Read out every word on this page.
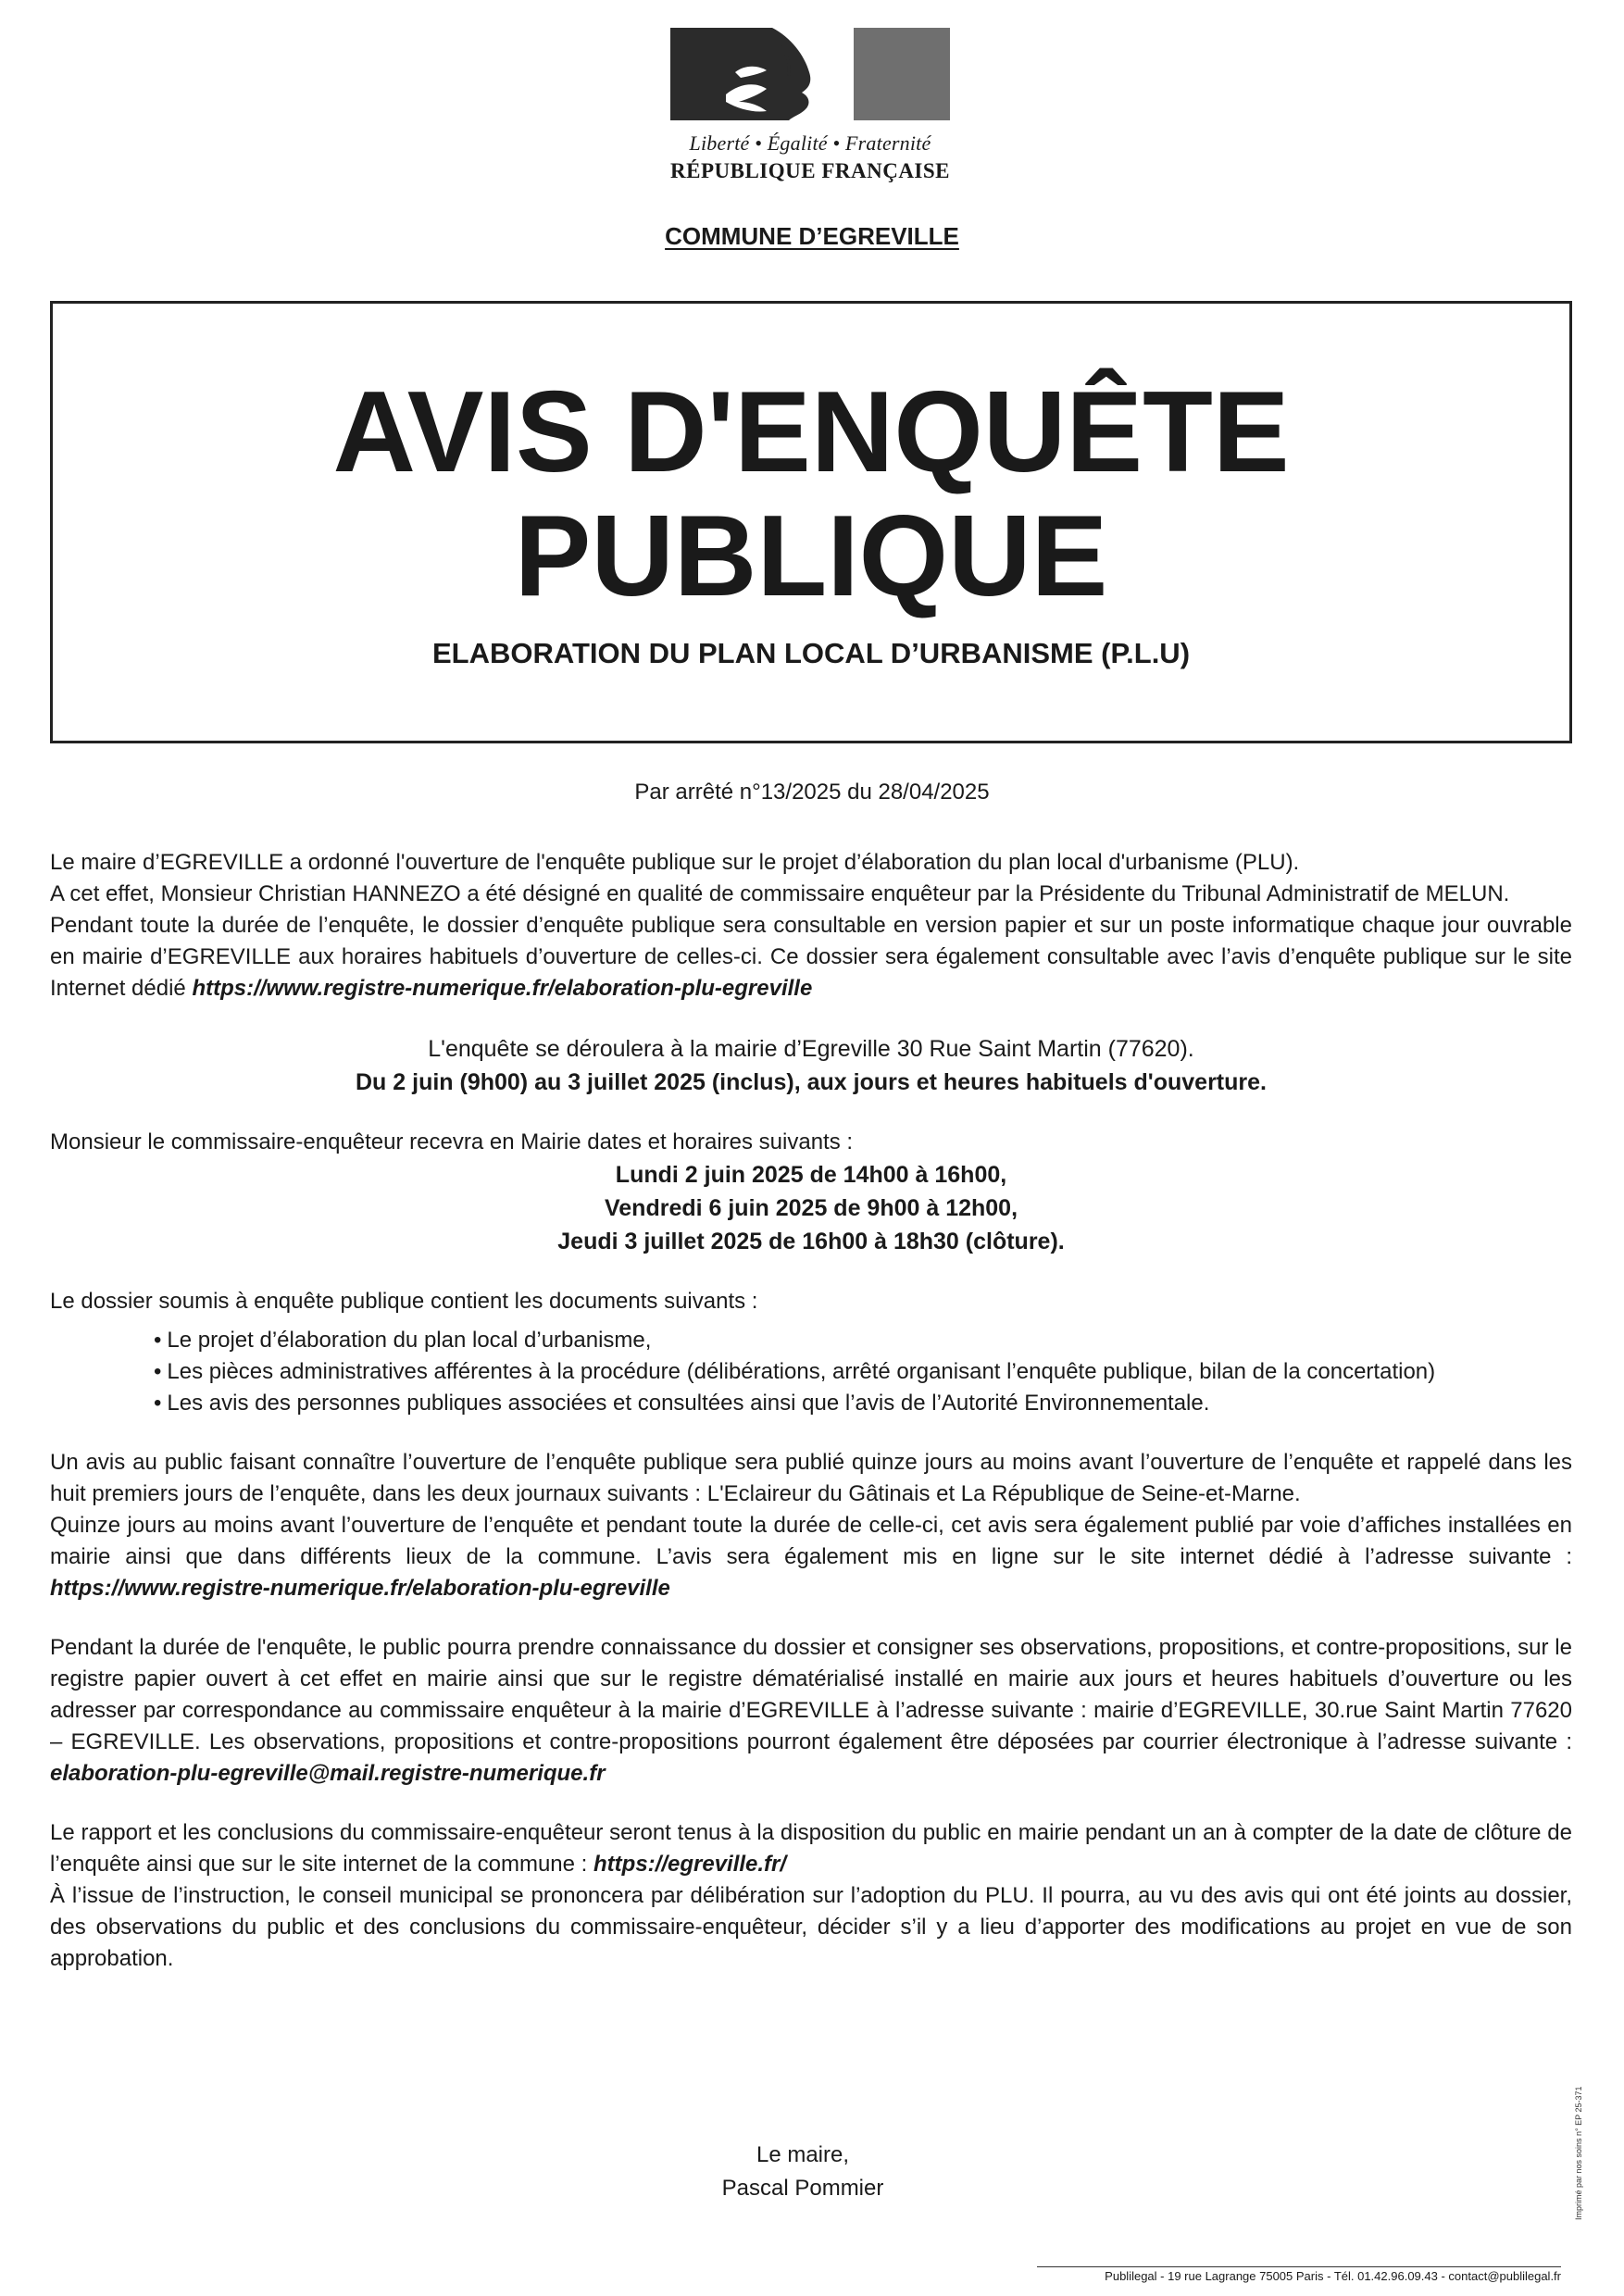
Liberté • Égalité • Fraternité
RÉPUBLIQUE FRANÇAISE
COMMUNE D’EGREVILLE
AVIS D'ENQUÊTE
PUBLIQUE
ELABORATION DU PLAN LOCAL D’URBANISME (P.L.U)
Par arrêté n°13/2025 du 28/04/2025

Le maire d’EGREVILLE a ordonné l'ouverture de l'enquête publique sur le projet d’élaboration du plan local d'urbanisme (PLU).

A cet effet, Monsieur Christian HANNEZO a été désigné en qualité de commissaire enquêteur par la Présidente du Tribunal Administratif de MELUN.

Pendant toute la durée de l’enquête, le dossier d’enquête publique sera consultable en version papier et sur un poste informatique chaque jour ouvrable en mairie d’EGREVILLE aux horaires habituels d’ouverture de celles-ci. Ce dossier sera également consultable avec l’avis d’enquête publique sur le site Internet dédié https://www.registre-numerique.fr/elaboration-plu-egreville

L'enquête se déroulera à la mairie d’Egreville 30 Rue Saint Martin (77620).

Du 2 juin (9h00) au 3 juillet 2025 (inclus), aux jours et heures habituels d'ouverture.

Monsieur le commissaire-enquêteur recevra en Mairie dates et horaires suivants :

Lundi 2 juin 2025 de 14h00 à 16h00,

Vendredi 6 juin 2025 de 9h00 à 12h00,

Jeudi 3 juillet 2025 de 16h00 à 18h30 (clôture).

Le dossier soumis à enquête publique contient les documents suivants :

• Le projet d’élaboration du plan local d’urbanisme,
• Les pièces administratives afférentes à la procédure (délibérations, arrêté organisant l’enquête publique, bilan de la concertation)
• Les avis des personnes publiques associées et consultées ainsi que l’avis de l’Autorité Environnementale.

Un avis au public faisant connaître l’ouverture de l’enquête publique sera publié quinze jours au moins avant l’ouverture de l’enquête et rappelé dans les huit premiers jours de l’enquête, dans les deux journaux suivants : L'Eclaireur du Gâtinais et La République de Seine-et-Marne.

Quinze jours au moins avant l’ouverture de l’enquête et pendant toute la durée de celle-ci, cet avis sera également publié par voie d’affiches installées en mairie ainsi que dans différents lieux de la commune. L’avis sera également mis en ligne sur le site internet dédié à l’adresse suivante : https://www.registre-numerique.fr/elaboration-plu-egreville

Pendant la durée de l'enquête, le public pourra prendre connaissance du dossier et consigner ses observations, propositions, et contre-propositions, sur le registre papier ouvert à cet effet en mairie ainsi que sur le registre dématérialisé installé en mairie aux jours et heures habituels d’ouverture ou les adresser par correspondance au commissaire enquêteur à la mairie d’EGREVILLE à l’adresse suivante : mairie d’EGREVILLE, 30.rue Saint Martin 77620 – EGREVILLE. Les observations, propositions et contre-propositions pourront également être déposées par courrier électronique à l’adresse suivante : elaboration-plu-egreville@mail.registre-numerique.fr

Le rapport et les conclusions du commissaire-enquêteur seront tenus à la disposition du public en mairie pendant un an à compter de la date de clôture de l’enquête ainsi que sur le site internet de la commune : https://egreville.fr/

À l’issue de l’instruction, le conseil municipal se prononcera par délibération sur l’adoption du PLU. Il pourra, au vu des avis qui ont été joints au dossier, des observations du public et des conclusions du commissaire-enquêteur, décider s’il y a lieu d’apporter des modifications au projet en vue de son approbation.

Le maire,
Pascal Pommier
Publilegal - 19 rue Lagrange 75005 Paris - Tél. 01.42.96.09.43 - contact@publilegal.fr
Imprimé par nos soins n° EP 25-371
